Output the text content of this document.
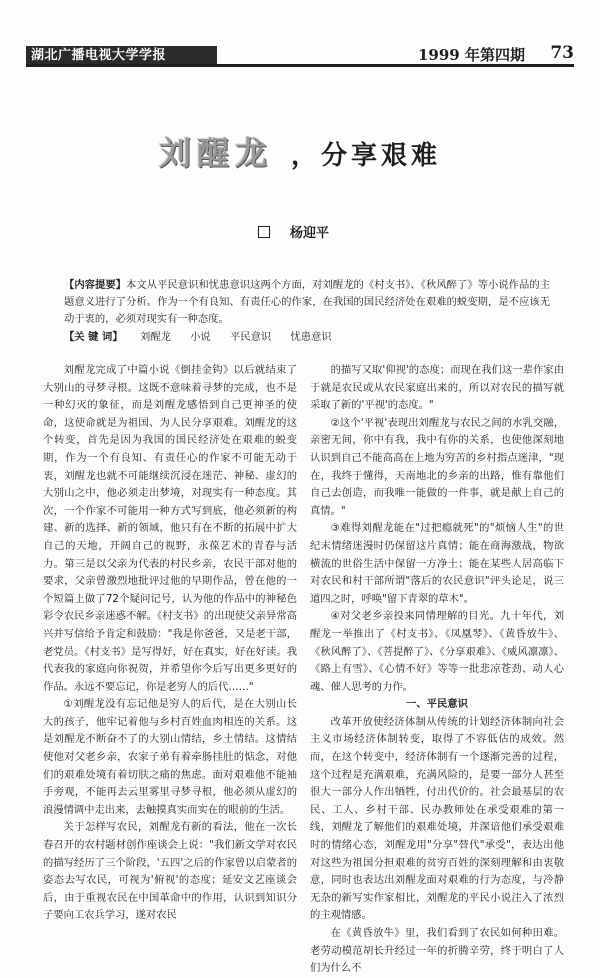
湖北广播电视大学学报	1999 年第四期 73
刘醒龙 ，分享艰难
杨迎平
【内容提要】本文从平民意识和忧患意识这两个方面，对刘醒龙的《村支书》、《秋风醉了》等小说作品的主题意义进行了分析。作为一个有良知、有责任心的作家，在我国的国民经济处在艰难的蜕变期，是不应该无动于衷的，必须对现实有一种态度。
【关 键 词】 刘醒龙 小说 平民意识 忧患意识

刘醒龙完成了中篇小说《倒挂金钩》以后就结束了大别山的寻梦寻根。这既不意味着寻梦的完成，也不是一种幻灭的象征，而是刘醒龙感悟到自己更神圣的使命，这使命就是为祖国、为人民分享艰难。刘醒龙的这个转变，首先是因为我国的国民经济处在艰难的蜕变期，作为一个有良知、有责任心的作家不可能无动于衷，刘醒龙也就不可能继续沉浸在迷茫、神秘、虚幻的大别山之中，他必须走出梦境，对现实有一种态度。其次，一个作家不可能用一种方式写到底，他必须新的构建、新的选择、新的领域，他只有在不断的拓展中扩大自己的天地，开阔自己的视野，永葆艺术的青春与活力。第三是以父亲为代表的村民乡亲，农民干部对他的要求，父亲曾激烈地批评过他的早期作品，曾在他的一个短篇上做了72个疑问记号，认为他的作品中的神秘色彩令农民乡亲迷惑不解。《村支书》的出现使父亲异常高兴并写信给予肯定和鼓励："我是你爸爸，又是老干部，老党员。《村支书》是写得好，好在真实，好在好读。我代表我的家庭向你祝贺，并希望你今后写出更多更好的作品。永远不要忘记，你是老穷人的后代……"

①刘醒龙没有忘记他是穷人的后代，是在大别山长大的孩子，他牢记着他与乡村百姓血肉相连的关系。这是刘醒龙不断奋不了的大别山情结，乡土情结。这情结使他对父老乡亲，农家子弟有着牵肠挂肚的惦念，对他们的艰难处境有着切肤之痛的焦虑。面对艰难他不能袖手旁观，不能再去云里雾里寻梦寻根，他必须从虚幻的浪漫情调中走出来，去触摸真实而实在的眼前的生活。

关于怎样写农民，刘醒龙有新的看法，他在一次长春召开的农村题材创作座谈会上说："我们新文学对农民的描写经历了三个阶段，'五四'之后的作家曾以启蒙者的姿态去写农民，可视为'俯视'的态度；延安文艺座谈会后，由于重视农民在中国革命中的作用，认识到知识分子要向工农兵学习，遂对农民

的描写又取'仰视'的态度；而现在我们这一辈作家由于就是农民或从农民家庭出来的，所以对农民的描写就采取了新的'平视'的态度。"

②这个'平视'表现出刘醒龙与农民之间的水乳交融，亲密无间，你中有我，我中有你的关系，也使他深刻地认识到自己不能高高在上地为穷苦的乡村指点迷津，"现在，我终于懂得，天南地北的乡亲的出路，惟有靠他们自己去创造，而我唯一能做的一件事，就是献上自己的真情。"

③难得刘醒龙能在"过把瘾就死"的"烦恼人生"的世纪末情绪迷漫时仍保留这片真情；能在商海激战，物欲横流的世俗生活中保留一方净土；能在某些人居高临下对农民和村干部所谓"落后的农民意识"评头论足，说三道四之时，呼唤"留下青翠的草木"。

④对父老乡亲投来同情理解的目光。九十年代，刘醒龙一举推出了《村支书》、《凤凰琴》、《黄昏放牛》、《秋风醉了》、《菩提醉了》、《分享艰难》、《威风凛凛》、《路上有雪》、《心情不好》等等一批悲凉苍劲、动人心魂、催人思考的力作。

一、平民意识

改革开放使经济体制从传统的计划经济体制向社会主义市场经济体制转变，取得了不容低估的成效。然而，在这个转变中，经济体制有一个逐渐完善的过程，这个过程是充满艰难，充满风险的，是要一部分人甚至很大一部分人作出牺牲，付出代价的。社会最基层的农民、工人、乡村干部、民办教师处在承受艰难的第一线，刘醒龙了解他们的艰难处境，并深谙他们承受艰难时的情绪心态，刘醒龙用"分享"替代"承受"，表达出他对这些为祖国分担艰难的贫穷百姓的深刻理解和由衷敬意，同时也表达出刘醒龙面对艰难的行为态度，与冷静无杂的新写实作家相比，刘醒龙的平民小说注入了浓烈的主观情感。

在《黄昏放牛》里，我们看到了农民如何种田难。老劳动模范胡长升经过一年的折腾辛劳，终于明白了人们为什么不
